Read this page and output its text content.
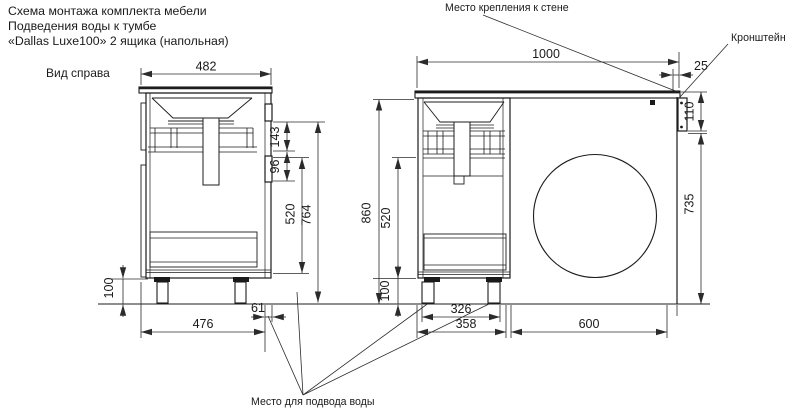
Схема монтажа комплекта мебели
Подведения воды к тумбе
«Dallas Luxe100» 2 ящика (напольная)
Вид справа	482
143
96
520 764
100
476
61
1000
25
110
735
860 520
100
326
358	600
Место крепления к стене
Кронштейн
Место для подвода воды
